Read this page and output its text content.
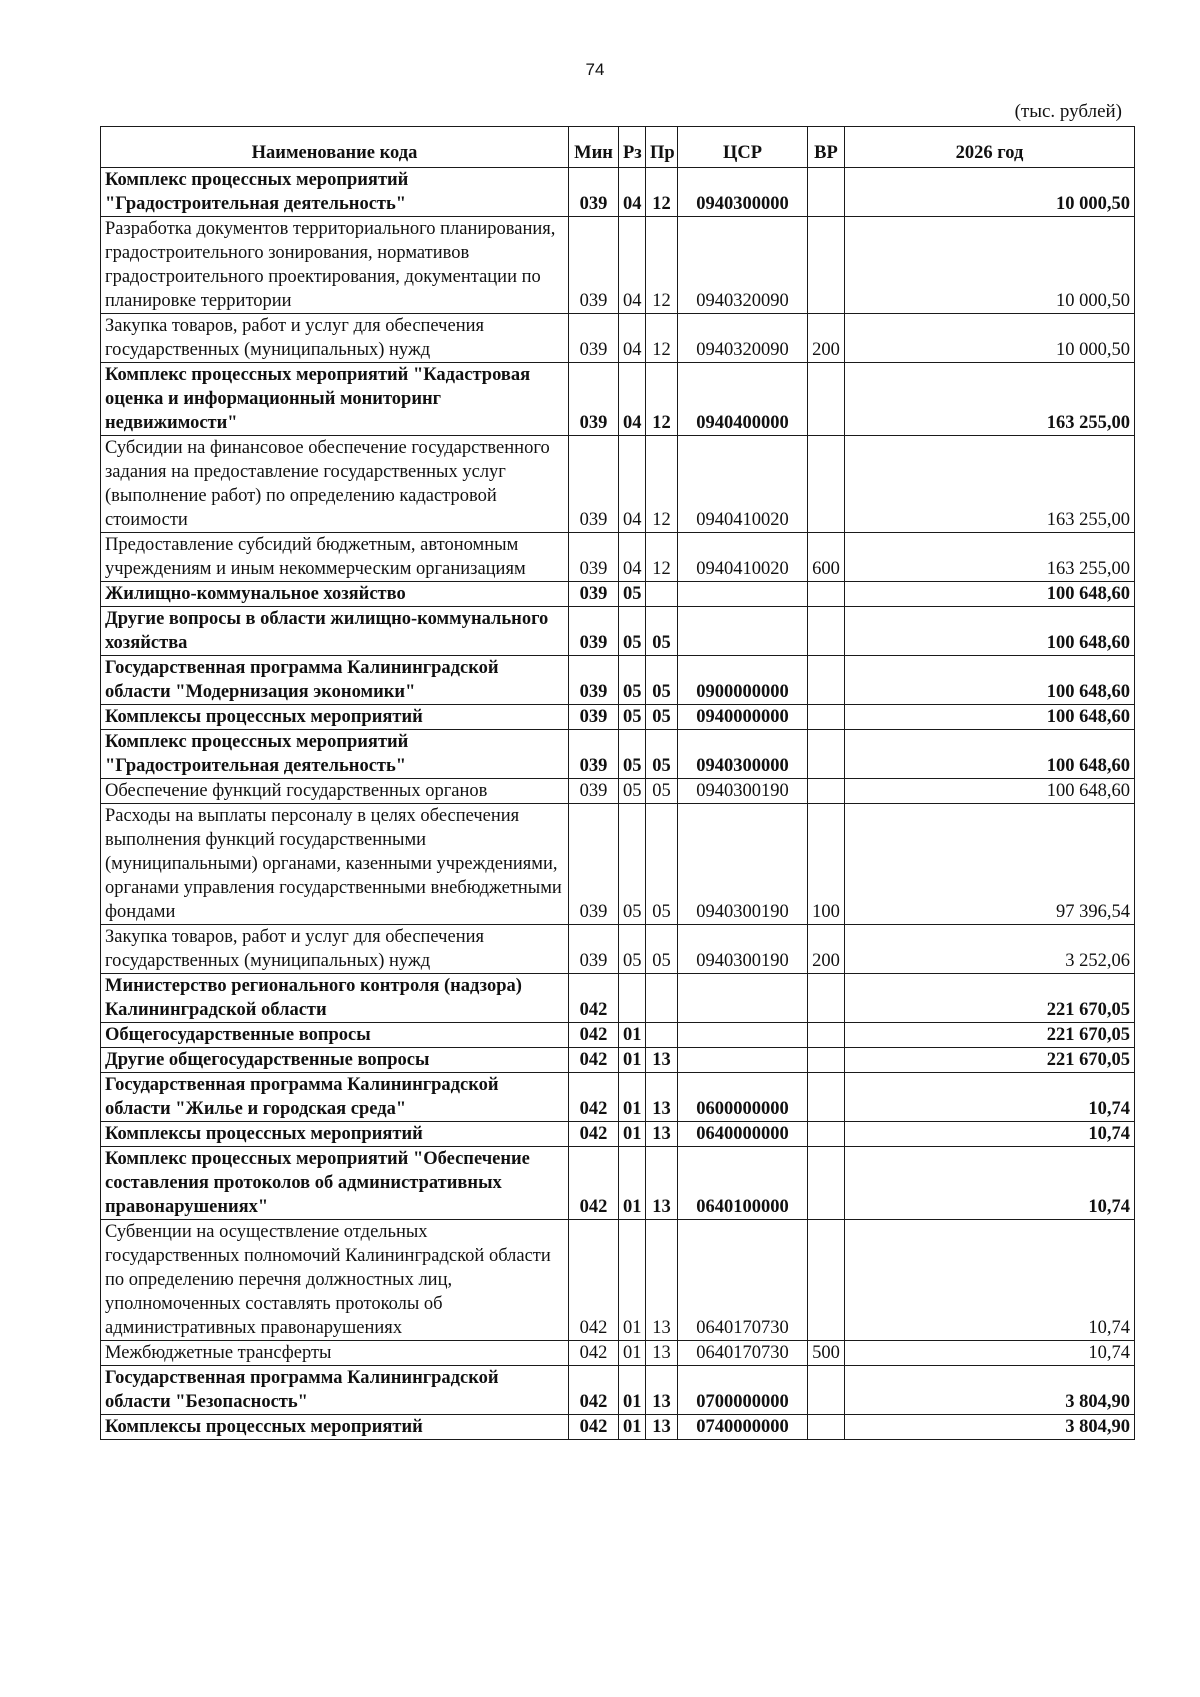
74
(тыс. рублей)
Наименование кода	Мин	Рз	Пр	ЦСР	ВР	2026 год
Комплекс процессных мероприятий "Градостроительная деятельность"	039	04	12	0940300000		10 000,50
Разработка документов территориального планирования, градостроительного зонирования, нормативов градостроительного проектирования, документации по планировке территории	039	04	12	0940320090		10 000,50
Закупка товаров, работ и услуг для обеспечения государственных (муниципальных) нужд	039	04	12	0940320090	200	10 000,50
Комплекс процессных мероприятий "Кадастровая оценка и информационный мониторинг недвижимости"	039	04	12	0940400000		163 255,00
Субсидии на финансовое обеспечение государственного задания на предоставление государственных услуг (выполнение работ) по определению кадастровой стоимости	039	04	12	0940410020		163 255,00
Предоставление субсидий бюджетным, автономным учреждениям и иным некоммерческим организациям	039	04	12	0940410020	600	163 255,00
Жилищно-коммунальное хозяйство	039	05				100 648,60
Другие вопросы в области жилищно-коммунального хозяйства	039	05	05			100 648,60
Государственная программа Калининградской области "Модернизация экономики"	039	05	05	0900000000		100 648,60
Комплексы процессных мероприятий	039	05	05	0940000000		100 648,60
Комплекс процессных мероприятий "Градостроительная деятельность"	039	05	05	0940300000		100 648,60
Обеспечение функций государственных органов	039	05	05	0940300190		100 648,60
Расходы на выплаты персоналу в целях обеспечения выполнения функций государственными (муниципальными) органами, казенными учреждениями, органами управления государственными внебюджетными фондами	039	05	05	0940300190	100	97 396,54
Закупка товаров, работ и услуг для обеспечения государственных (муниципальных) нужд	039	05	05	0940300190	200	3 252,06
Министерство регионального контроля (надзора) Калининградской области	042					221 670,05
Общегосударственные вопросы	042	01				221 670,05
Другие общегосударственные вопросы	042	01	13			221 670,05
Государственная программа Калининградской области "Жилье и городская среда"	042	01	13	0600000000		10,74
Комплексы процессных мероприятий	042	01	13	0640000000		10,74
Комплекс процессных мероприятий "Обеспечение составления протоколов об административных правонарушениях"	042	01	13	0640100000		10,74
Субвенции на осуществление отдельных государственных полномочий Калининградской области по определению перечня должностных лиц, уполномоченных составлять протоколы об административных правонарушениях	042	01	13	0640170730		10,74
Межбюджетные трансферты	042	01	13	0640170730	500	10,74
Государственная программа Калининградской области "Безопасность"	042	01	13	0700000000		3 804,90
Комплексы процессных мероприятий	042	01	13	0740000000		3 804,90
